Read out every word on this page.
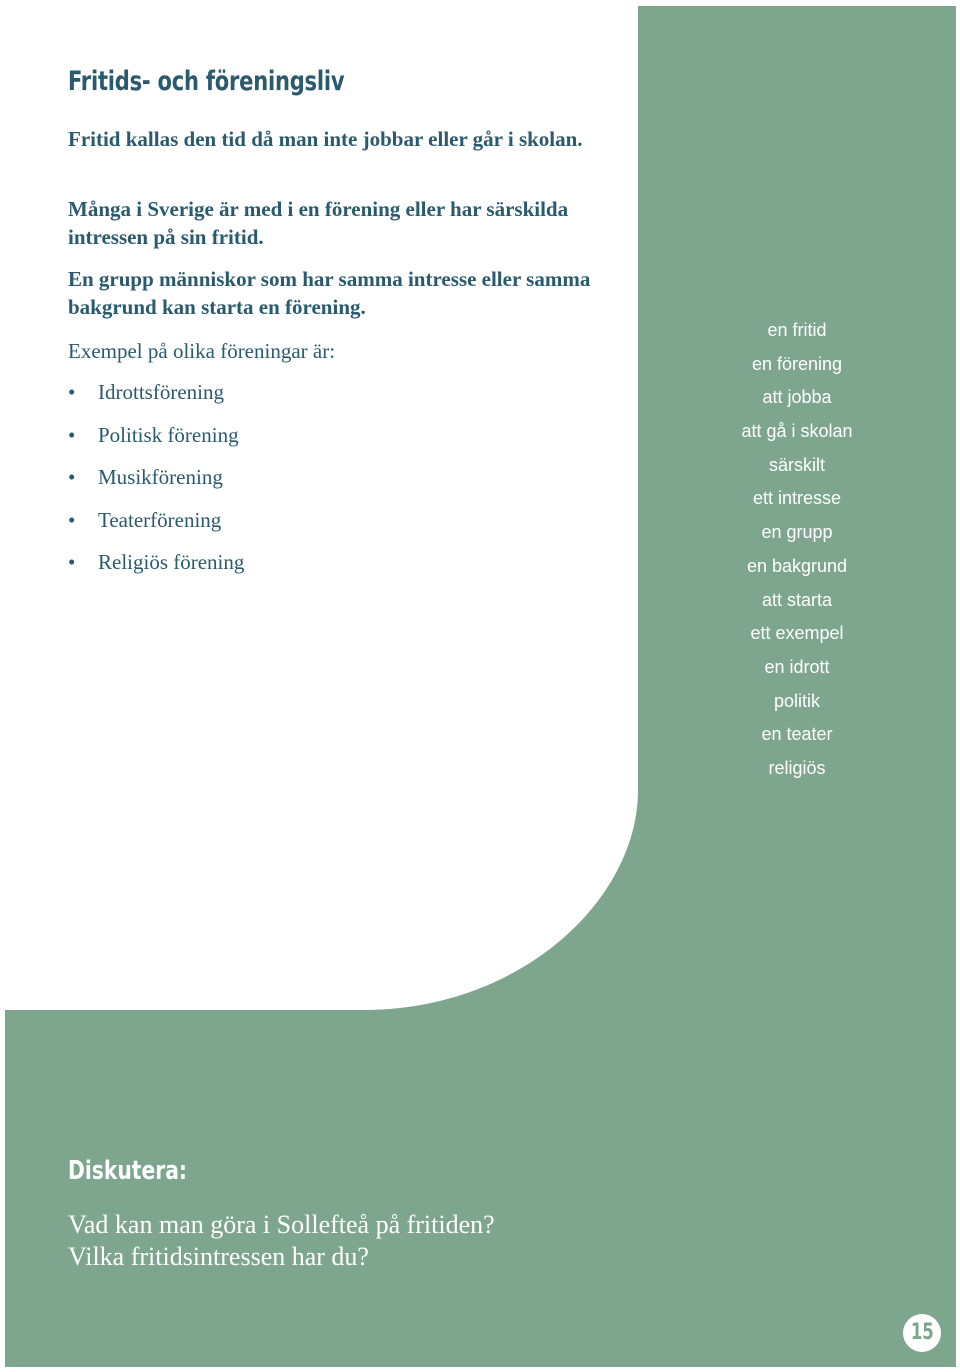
Fritids- och föreningsliv

Fritid kallas den tid då man inte jobbar eller går i skolan.

Många i Sverige är med i en förening eller har särskilda intressen på sin fritid.

En grupp människor som har samma intresse eller samma bakgrund kan starta en förening.

Exempel på olika föreningar är:

• Idrottsförening
• Politisk förening
• Musikförening
• Teaterförening
• Religiös förening
en fritid
en förening
att jobba
att gå i skolan
särskilt
ett intresse
en grupp
en bakgrund
att starta
ett exempel
en idrott
politik
en teater
religiös
Diskutera:

Vad kan man göra i Sollefteå på fritiden?

Vilka fritidsintressen har du?

15
